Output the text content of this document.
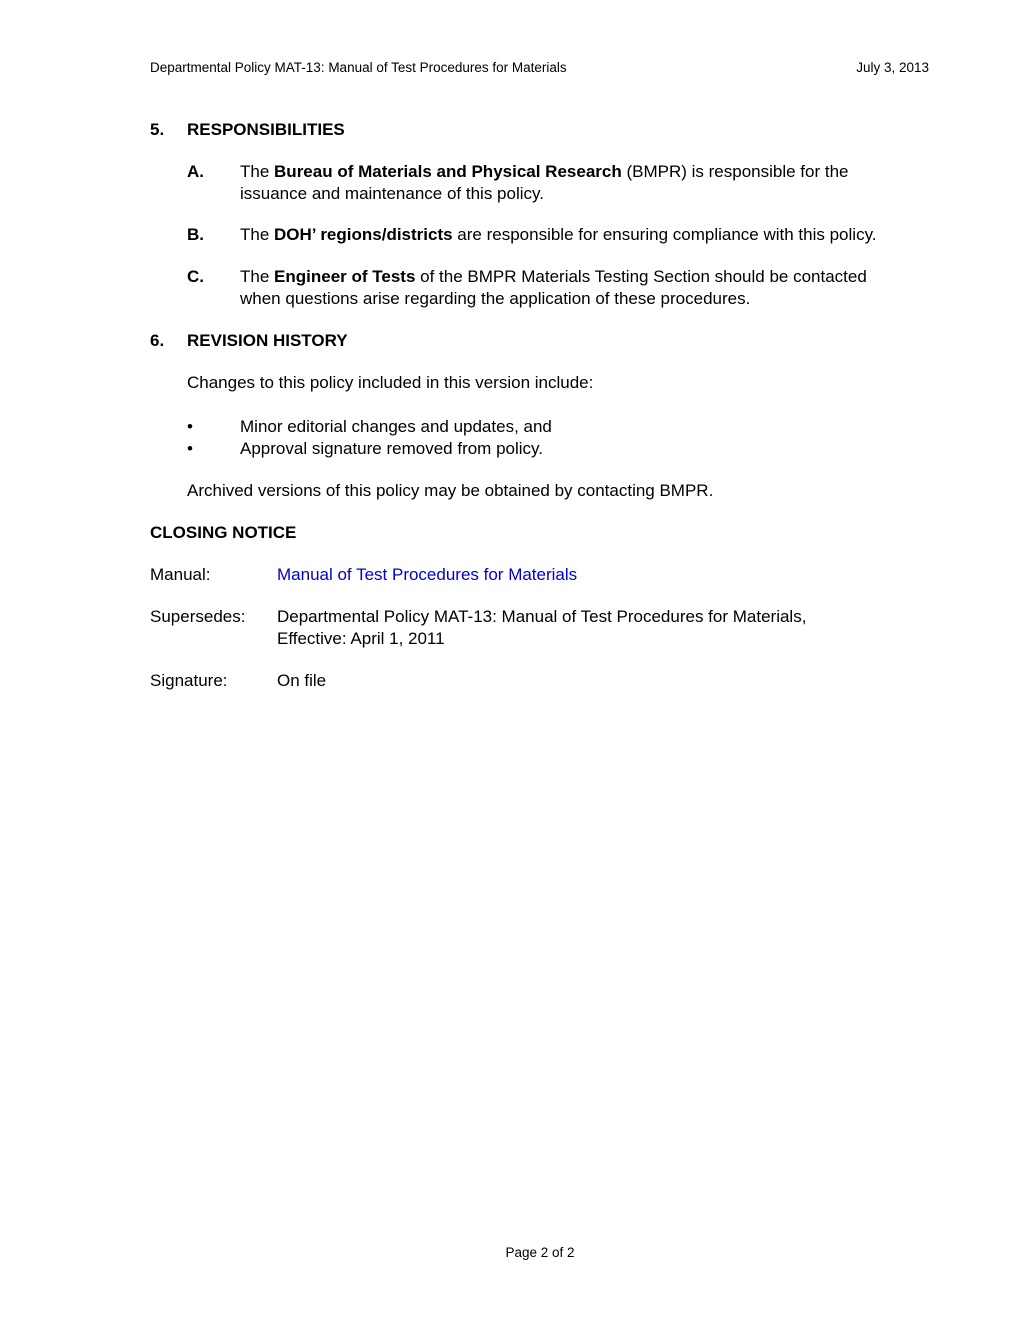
Departmental Policy MAT-13: Manual of Test Procedures for Materials	July 3, 2013
5. RESPONSIBILITIES
A. The Bureau of Materials and Physical Research (BMPR) is responsible for the
issuance and maintenance of this policy.
B. The DOH’ regions/districts are responsible for ensuring compliance with this policy.
C. The Engineer of Tests of the BMPR Materials Testing Section should be contacted
when questions arise regarding the application of these procedures.
6. REVISION HISTORY
Changes to this policy included in this version include:
•	Minor editorial changes and updates, and
•	Approval signature removed from policy.
Archived versions of this policy may be obtained by contacting BMPR.
CLOSING NOTICE
Manual:	Manual of Test Procedures for Materials
Supersedes: Departmental Policy MAT-13: Manual of Test Procedures for Materials,
Effective: April 1, 2011
Signature:	On file
Page 2 of 2
